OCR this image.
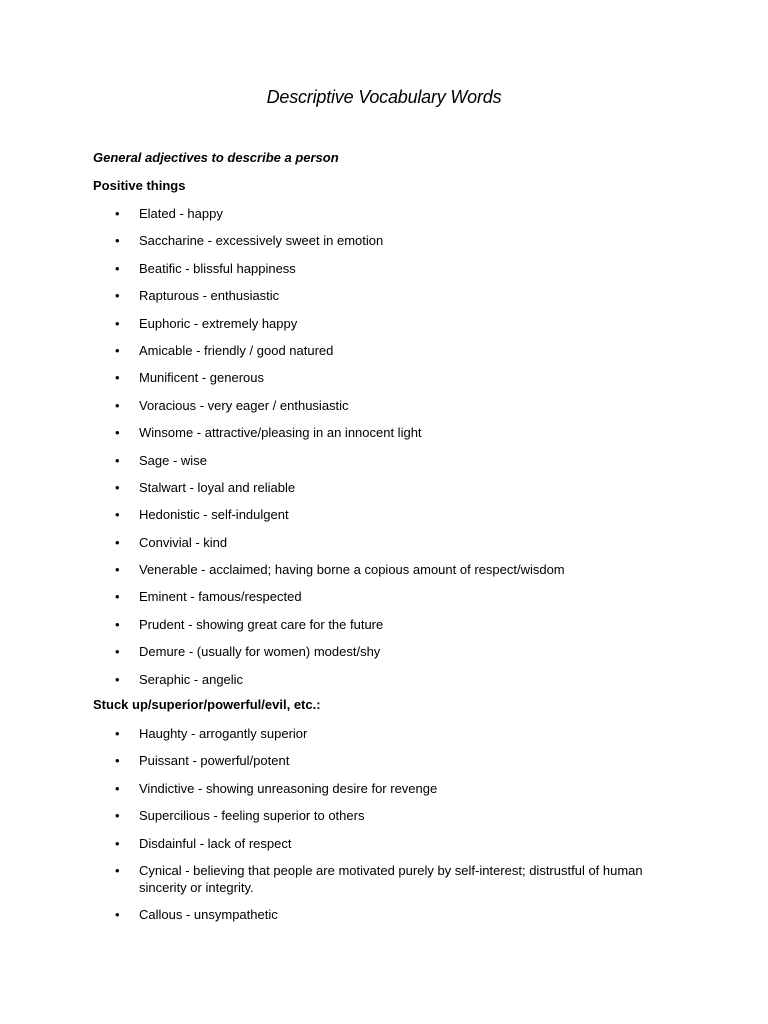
Descriptive Vocabulary Words
General adjectives to describe a person
Positive things
• Elated - happy
• Saccharine - excessively sweet in emotion
• Beatific - blissful happiness
• Rapturous - enthusiastic
• Euphoric - extremely happy
• Amicable - friendly / good natured
• Munificent - generous
• Voracious - very eager / enthusiastic
• Winsome - attractive/pleasing in an innocent light
• Sage - wise
• Stalwart - loyal and reliable
• Hedonistic - self-indulgent
• Convivial - kind
• Venerable - acclaimed; having borne a copious amount of respect/wisdom
• Eminent - famous/respected
• Prudent - showing great care for the future
• Demure - (usually for women) modest/shy
• Seraphic - angelic
Stuck up/superior/powerful/evil, etc.:
• Haughty - arrogantly superior
• Puissant - powerful/potent
• Vindictive - showing unreasoning desire for revenge
• Supercilious - feeling superior to others
• Disdainful - lack of respect
• Cynical - believing that people are motivated purely by self-interest; distrustful of human sincerity or integrity.
• Callous - unsympathetic
